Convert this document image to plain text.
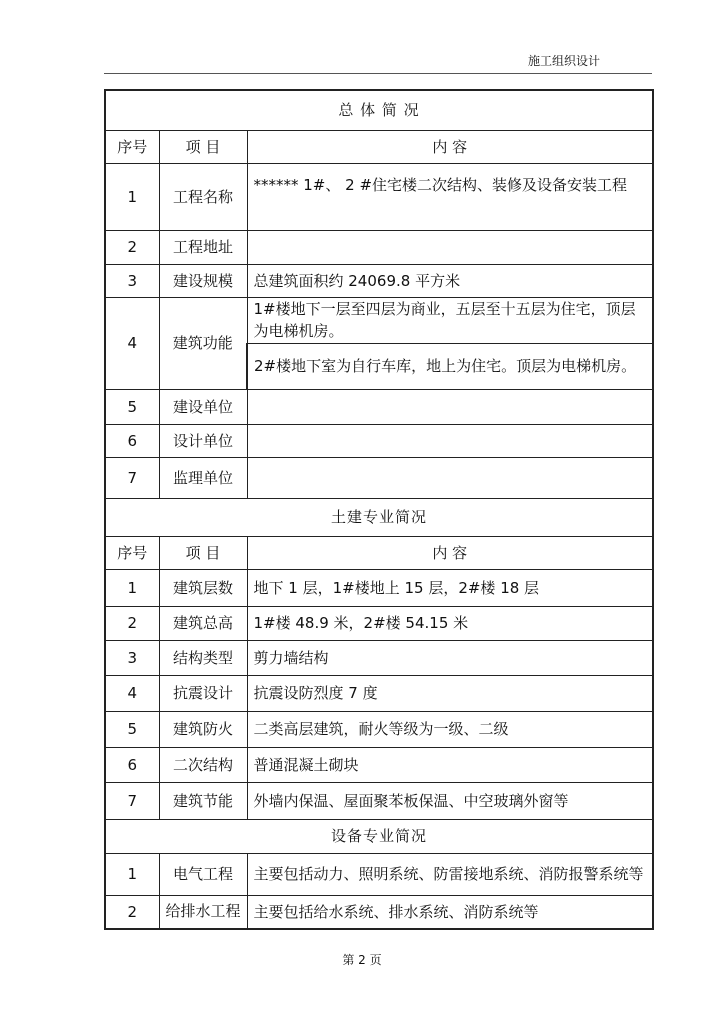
施工组织设计
总 体 简 况		
序号	项 目	内 容
1	工程名称	****** 1#、 2 #住宅楼二次结构、装修及设备安装工程
2	工程地址	
3	建设规模	总建筑面积约 24069.8 平方米
4	建筑功能	1#楼地下一层至四层为商业，五层至十五层为住宅，顶层为电梯机房。
		2#楼地下室为自行车库，地上为住宅。顶层为电梯机房。
5	建设单位	
6	设计单位	
7	监理单位	
土建专业简况		
序号	项 目	内 容
1	建筑层数	地下 1 层，1#楼地上 15 层，2#楼 18 层
2	建筑总高	1#楼 48.9 米，2#楼 54.15 米
3	结构类型	剪力墙结构
4	抗震设计	抗震设防烈度 7 度
5	建筑防火	二类高层建筑，耐火等级为一级、二级
6	二次结构	普通混凝土砌块
7	建筑节能	外墙内保温、屋面聚苯板保温、中空玻璃外窗等
设备专业简况		
1	电气工程	主要包括动力、照明系统、防雷接地系统、消防报警系统等
2	给排水工程	主要包括给水系统、排水系统、消防系统等
第 2 页
